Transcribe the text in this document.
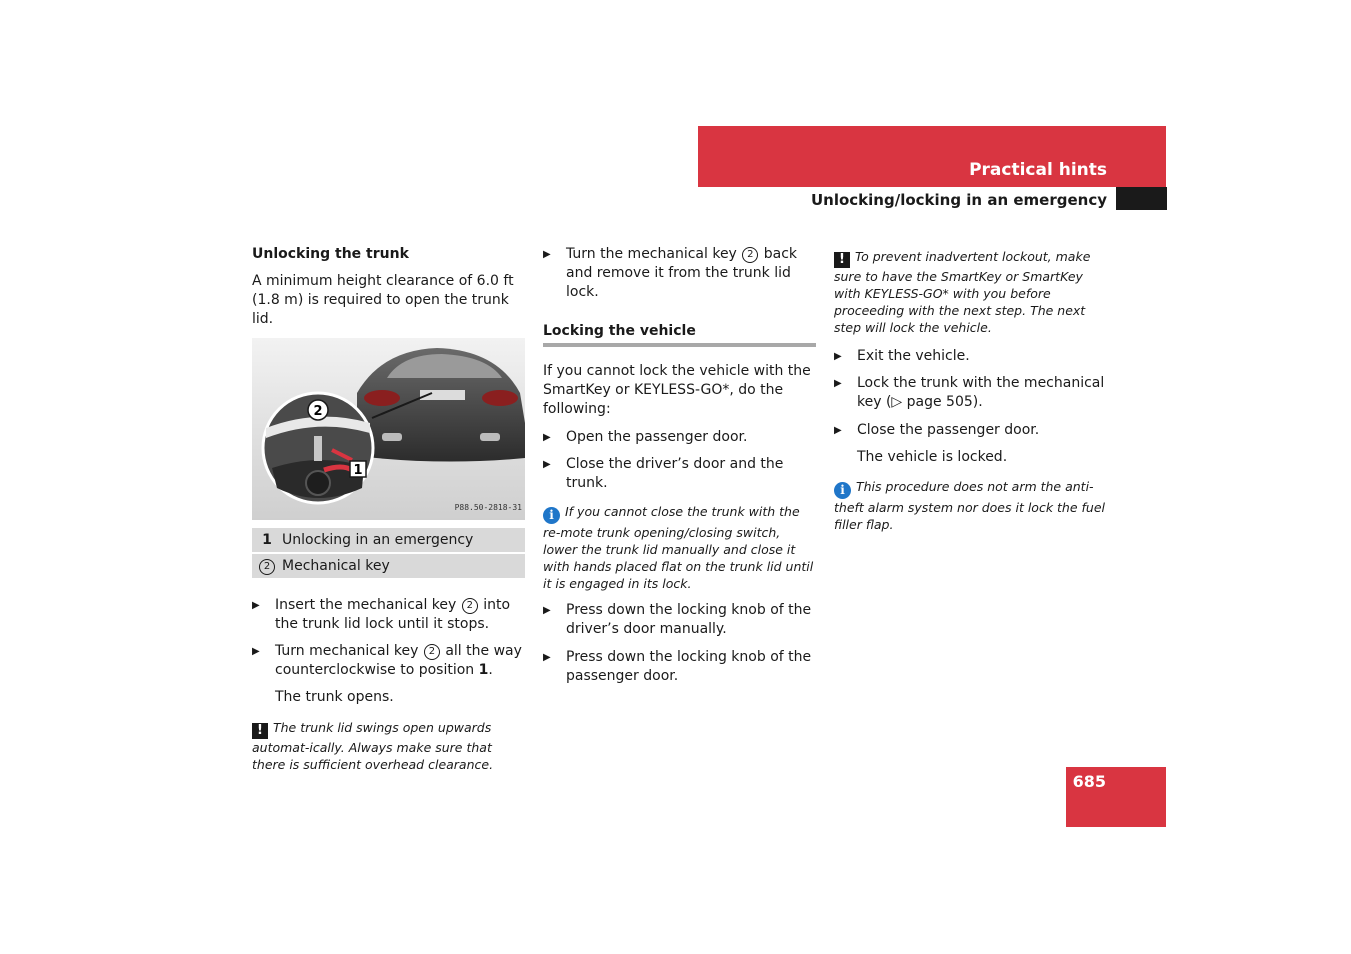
Practical hints
Unlocking/locking in an emergency

Unlocking the trunk

A minimum height clearance of 6.0 ft (1.8 m) is required to open the trunk lid.

2
1
P88.50-2818-31
1 Unlocking in an emergency
2 Mechanical key
▶	Insert the mechanical key 2 into the trunk lid lock until it stops.
▶	Turn mechanical key 2 all the way counterclockwise to position 1.

The trunk opens.

! The trunk lid swings open upwards automat-ically. Always make sure that there is sufficient overhead clearance.

▶	Turn the mechanical key 2 back and remove it from the trunk lid lock.

Locking the vehicle

If you cannot lock the vehicle with the SmartKey or KEYLESS-GO*, do the following:

▶	Open the passenger door.
▶	Close the driver’s door and the trunk.

i If you cannot close the trunk with the re-mote trunk opening/closing switch, lower the trunk lid manually and close it with hands placed flat on the trunk lid until it is engaged in its lock.

▶	Press down the locking knob of the driver’s door manually.
▶	Press down the locking knob of the passenger door.

! To prevent inadvertent lockout, make sure to have the SmartKey or SmartKey with KEYLESS-GO* with you before proceeding with the next step. The next step will lock the vehicle.

▶	Exit the vehicle.
▶	Lock the trunk with the mechanical key (▷ page 505).
▶	Close the passenger door.

The vehicle is locked.

i This procedure does not arm the anti-theft alarm system nor does it lock the fuel filler flap.

685
